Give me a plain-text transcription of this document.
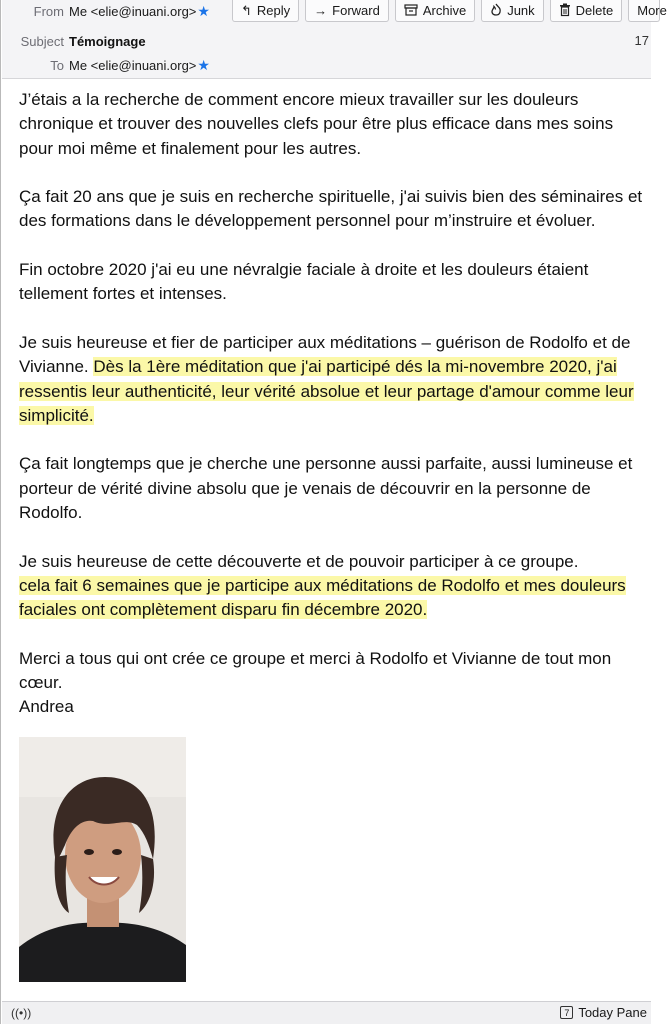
From Me <elie@inuani.org> ★ ↰ Reply → Forward	Archive	Junk	Delete More
Subject Témoignage	17
To Me <elie@inuani.org> ★

J’étais a la recherche de comment encore mieux travailler sur les douleurs chronique et trouver des nouvelles clefs pour être plus efficace dans mes soins pour moi même et finalement pour les autres.

Ça fait 20 ans que je suis en recherche spirituelle, j'ai suivis bien des séminaires et des formations dans le développement personnel pour m’instruire et évoluer.

Fin octobre 2020 j'ai eu une névralgie faciale à droite et les douleurs étaient tellement fortes et intenses.

Je suis heureuse et fier de participer aux méditations – guérison de Rodolfo et de Vivianne. Dès la 1ère méditation que j'ai participé dés la mi-novembre 2020, j'ai ressentis leur authenticité, leur vérité absolue et leur partage d'amour comme leur simplicité.

Ça fait longtemps que je cherche une personne aussi parfaite, aussi lumineuse et porteur de vérité divine absolu que je venais de découvrir en la personne de Rodolfo.

Je suis heureuse de cette découverte et de pouvoir participer à ce groupe.
cela fait 6 semaines que je participe aux méditations de Rodolfo et mes douleurs faciales ont complètement disparu fin décembre 2020.

Merci a tous qui ont crée ce groupe et merci à Rodolfo et Vivianne de tout mon cœur.

Andrea
((•))	7 Today Pane
